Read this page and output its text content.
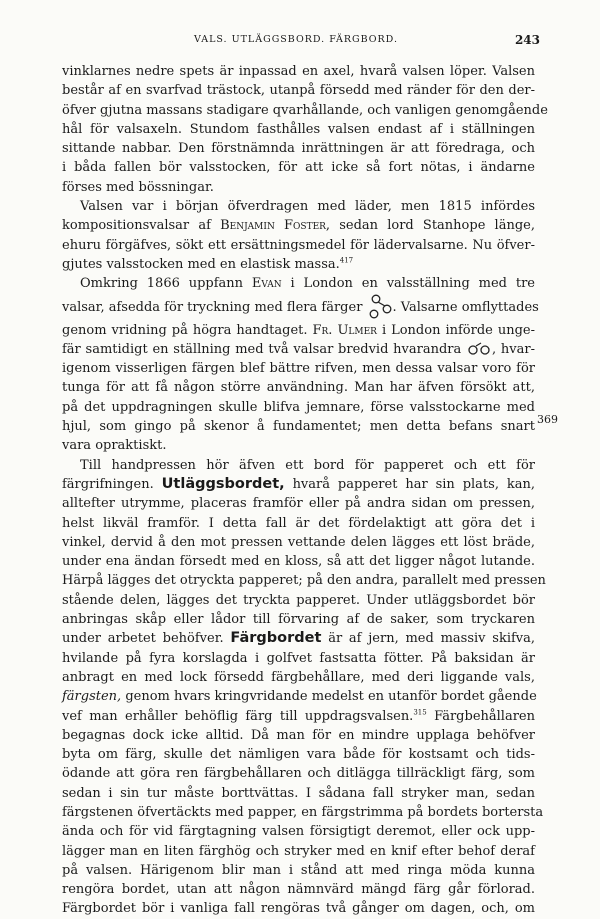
VALS. UTLÄGGSBORD. FÄRGBORD.	243
369
vinklarnes nedre spets är inpassad en axel, hvarå valsen löper. Valsen
består af en svarfvad trästock, utanpå försedd med ränder för den der-
öfver gjutna massans stadigare qvarhållande, och vanligen genomgående
hål för valsaxeln. Stundom fasthålles valsen endast af i ställningen
sittande nabbar. Den förstnämnda inrättningen är att föredraga, och
i båda fallen bör valsstocken, för att icke så fort nötas, i ändarne
förses med bössningar.
Valsen var i början öfverdragen med läder, men 1815 infördes
kompositionsvalsar af Benjamin Foster, sedan lord Stanhope länge,
ehuru förgäfves, sökt ett ersättningsmedel för lädervalsarne. Nu öfver-
gjutes valsstocken med en elastisk massa.$^{417}$
Omkring 1866 uppfann Evan i London en valsställning med tre
valsar, afsedda för tryckning med flera färger . Valsarne omflyttades
genom vridning på högra handtaget. Fr. Ulmer i London införde unge-
fär samtidigt en ställning med två valsar bredvid hvarandra , hvar-
igenom visserligen färgen blef bättre rifven, men dessa valsar voro för
tunga för att få någon större användning. Man har äfven försökt att,
på det uppdragningen skulle blifva jemnare, förse valsstockarne med
hjul, som gingo på skenor å fundamentet; men detta befans snart
vara opraktiskt.
Till handpressen hör äfven ett bord för papperet och ett för
färgrifningen. Utläggsbordet, hvarå papperet har sin plats, kan,
alltefter utrymme, placeras framför eller på andra sidan om pressen,
helst likväl framför. I detta fall är det fördelaktigt att göra det i
vinkel, dervid å den mot pressen vettande delen lägges ett löst bräde,
under ena ändan försedt med en kloss, så att det ligger något lutande.
Härpå lägges det otryckta papperet; på den andra, parallelt med pressen
stående delen, lägges det tryckta papperet. Under utläggsbordet bör
anbringas skåp eller lådor till förvaring af de saker, som tryckaren
under arbetet behöfver. Färgbordet är af jern, med massiv skifva,
hvilande på fyra korslagda i golfvet fastsatta fötter. På baksidan är
anbragt en med lock försedd färgbehållare, med deri liggande vals,
färgsten, genom hvars kringvridande medelst en utanför bordet gående
vef man erhåller behöflig färg till uppdragsvalsen.$^{315}$ Färgbehållaren
begagnas dock icke alltid. Då man för en mindre upplaga behöfver
byta om färg, skulle det nämligen vara både för kostsamt och tids-
ödande att göra ren färgbehållaren och ditlägga tillräckligt färg, som
sedan i sin tur måste borttvättas. I sådana fall stryker man, sedan
färgstenen öfvertäckts med papper, en färgstrimma på bordets bortersta
ända och för vid färgtagning valsen försigtigt deremot, eller ock upp-
lägger man en liten färghög och stryker med en knif efter behof deraf
på valsen. Härigenom blir man i stånd att med ringa möda kunna
rengöra bordet, utan att någon nämnvärd mängd färg går förlorad.
Färgbordet bör i vanliga fall rengöras två gånger om dagen, och, om
